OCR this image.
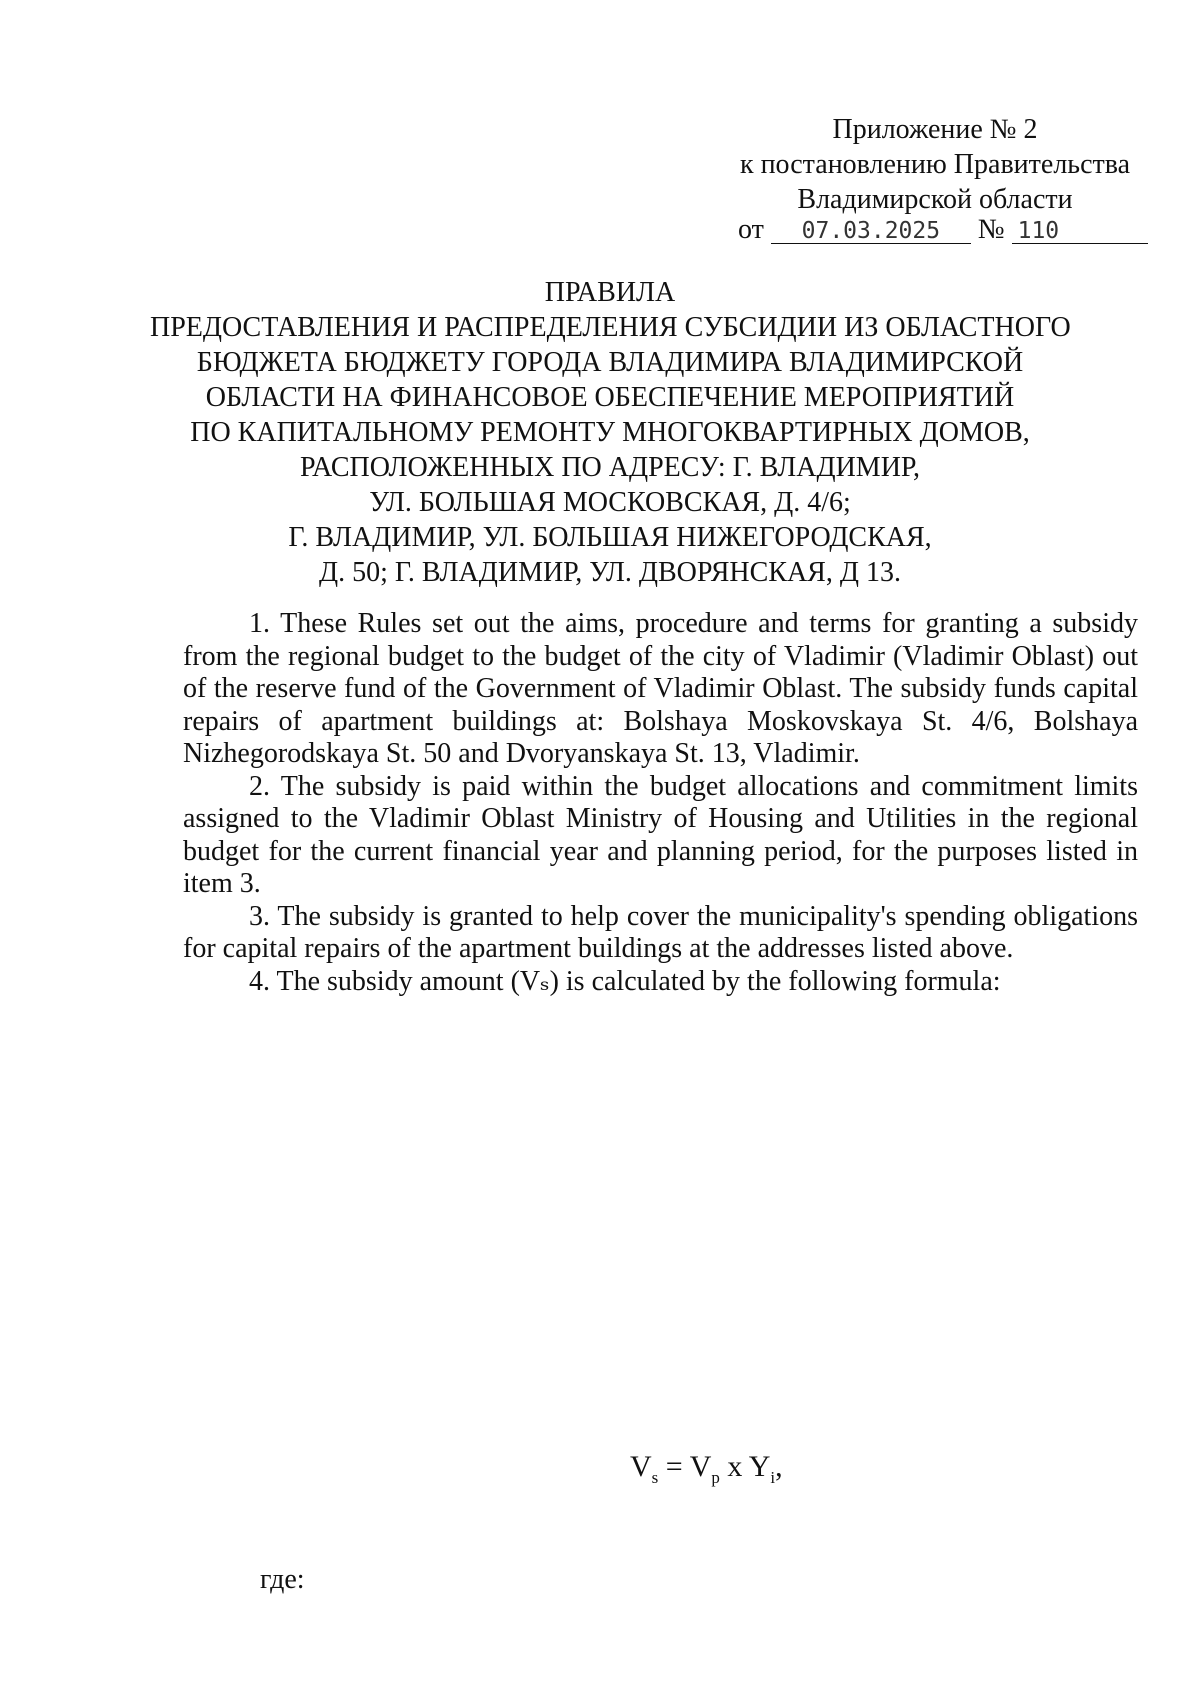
Приложение № 2
к постановлению Правительства
Владимирской области
от 07.03.2025 № 110
ПРАВИЛА
ПРЕДОСТАВЛЕНИЯ И РАСПРЕДЕЛЕНИЯ СУБСИДИИ ИЗ ОБЛАСТНОГО
БЮДЖЕТА БЮДЖЕТУ ГОРОДА ВЛАДИМИРА ВЛАДИМИРСКОЙ
ОБЛАСТИ НА ФИНАНСОВОЕ ОБЕСПЕЧЕНИЕ МЕРОПРИЯТИЙ
ПО КАПИТАЛЬНОМУ РЕМОНТУ МНОГОКВАРТИРНЫХ ДОМОВ,
РАСПОЛОЖЕННЫХ ПО АДРЕСУ: Г. ВЛАДИМИР,
УЛ. БОЛЬШАЯ МОСКОВСКАЯ, Д. 4/6;
Г. ВЛАДИМИР, УЛ. БОЛЬШАЯ НИЖЕГОРОДСКАЯ,
Д. 50; Г. ВЛАДИМИР, УЛ. ДВОРЯНСКАЯ, Д 13.

1. These Rules set out the aims, procedure and terms for granting a subsidy from the regional budget to the budget of the city of Vladimir (Vladimir Oblast) out of the reserve fund of the Government of Vladimir Oblast. The subsidy funds capital repairs of apartment buildings at: Bolshaya Moskovskaya St. 4/6, Bolshaya Nizhegorodskaya St. 50 and Dvoryanskaya St. 13, Vladimir.

2. The subsidy is paid within the budget allocations and commitment limits assigned to the Vladimir Oblast Ministry of Housing and Utilities in the regional budget for the current financial year and planning period, for the purposes listed in item 3.

3. The subsidy is granted to help cover the municipality's spending obligations for capital repairs of the apartment buildings at the addresses listed above.

4. The subsidy amount (Vₛ) is calculated by the following formula:

$V_s = V_p$ x $Y_i$,
где:
